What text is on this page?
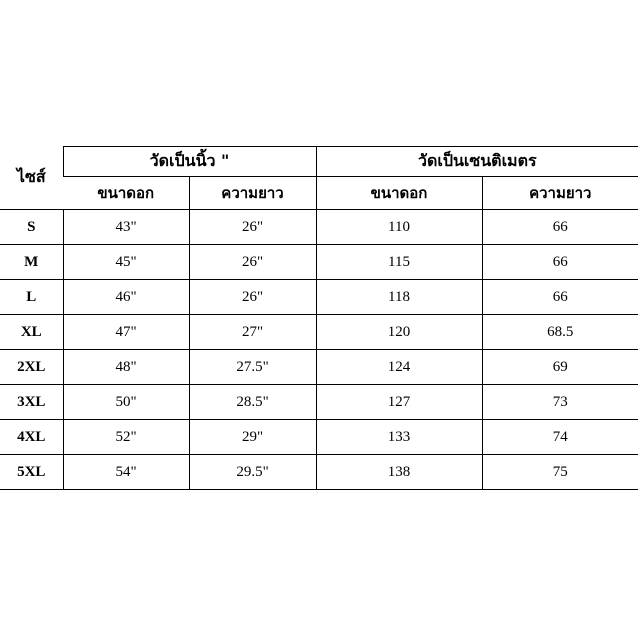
ไซส์	วัดเป็นนิ้ว "		วัดเป็นเซนติเมตร	
	ขนาดอก	ความยาว	ขนาดอก	ความยาว
S	43"	26"	110	66
M	45"	26"	115	66
L	46"	26"	118	66
XL	47"	27"	120	68.5
2XL	48"	27.5"	124	69
3XL	50"	28.5"	127	73
4XL	52"	29"	133	74
5XL	54"	29.5"	138	75
